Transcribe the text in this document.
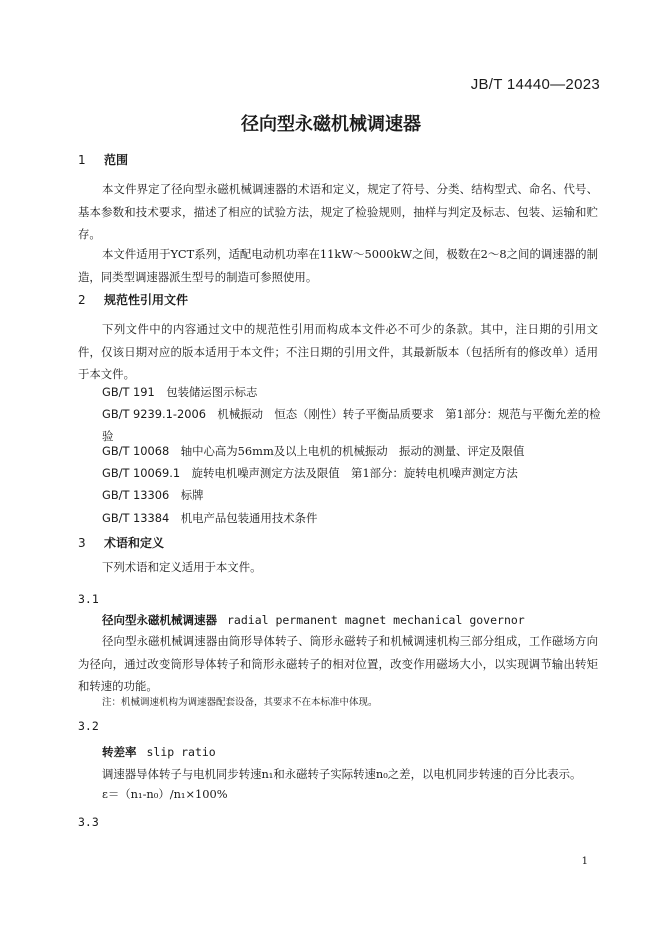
JB/T 14440—2023
径向型永磁机械调速器
1 范围
本文件界定了径向型永磁机械调速器的术语和定义，规定了符号、分类、结构型式、命名、代号、基本参数和技术要求，描述了相应的试验方法，规定了检验规则，抽样与判定及标志、包装、运输和贮存。
本文件适用于YCT系列，适配电动机功率在11kW～5000kW之间，极数在2～8之间的调速器的制造，同类型调速器派生型号的制造可参照使用。
2 规范性引用文件
下列文件中的内容通过文中的规范性引用而构成本文件必不可少的条款。其中，注日期的引用文件，仅该日期对应的版本适用于本文件；不注日期的引用文件，其最新版本（包括所有的修改单）适用于本文件。
GB/T 191　 包装储运图示标志
GB/T 9239.1-2006　 机械振动　恒态（刚性）转子平衡品质要求　第1部分：规范与平衡允差的检验
GB/T 10068　 轴中心高为56mm及以上电机的机械振动　振动的测量、评定及限值
GB/T 10069.1　 旋转电机噪声测定方法及限值　第1部分：旋转电机噪声测定方法
GB/T 13306　 标牌
GB/T 13384　 机电产品包装通用技术条件
3 术语和定义
下列术语和定义适用于本文件。
3.1
径向型永磁机械调速器 radial permanent magnet mechanical governor
径向型永磁机械调速器由筒形导体转子、筒形永磁转子和机械调速机构三部分组成，工作磁场方向为径向，通过改变筒形导体转子和筒形永磁转子的相对位置，改变作用磁场大小，以实现调节输出转矩和转速的功能。
注：机械调速机构为调速器配套设备，其要求不在本标准中体现。
3.2
转差率 slip ratio
调速器导体转子与电机同步转速n₁和永磁转子实际转速n₀之差，以电机同步转速的百分比表示。
ε＝（n₁-n₀）/n₁×100%
3.3
1
